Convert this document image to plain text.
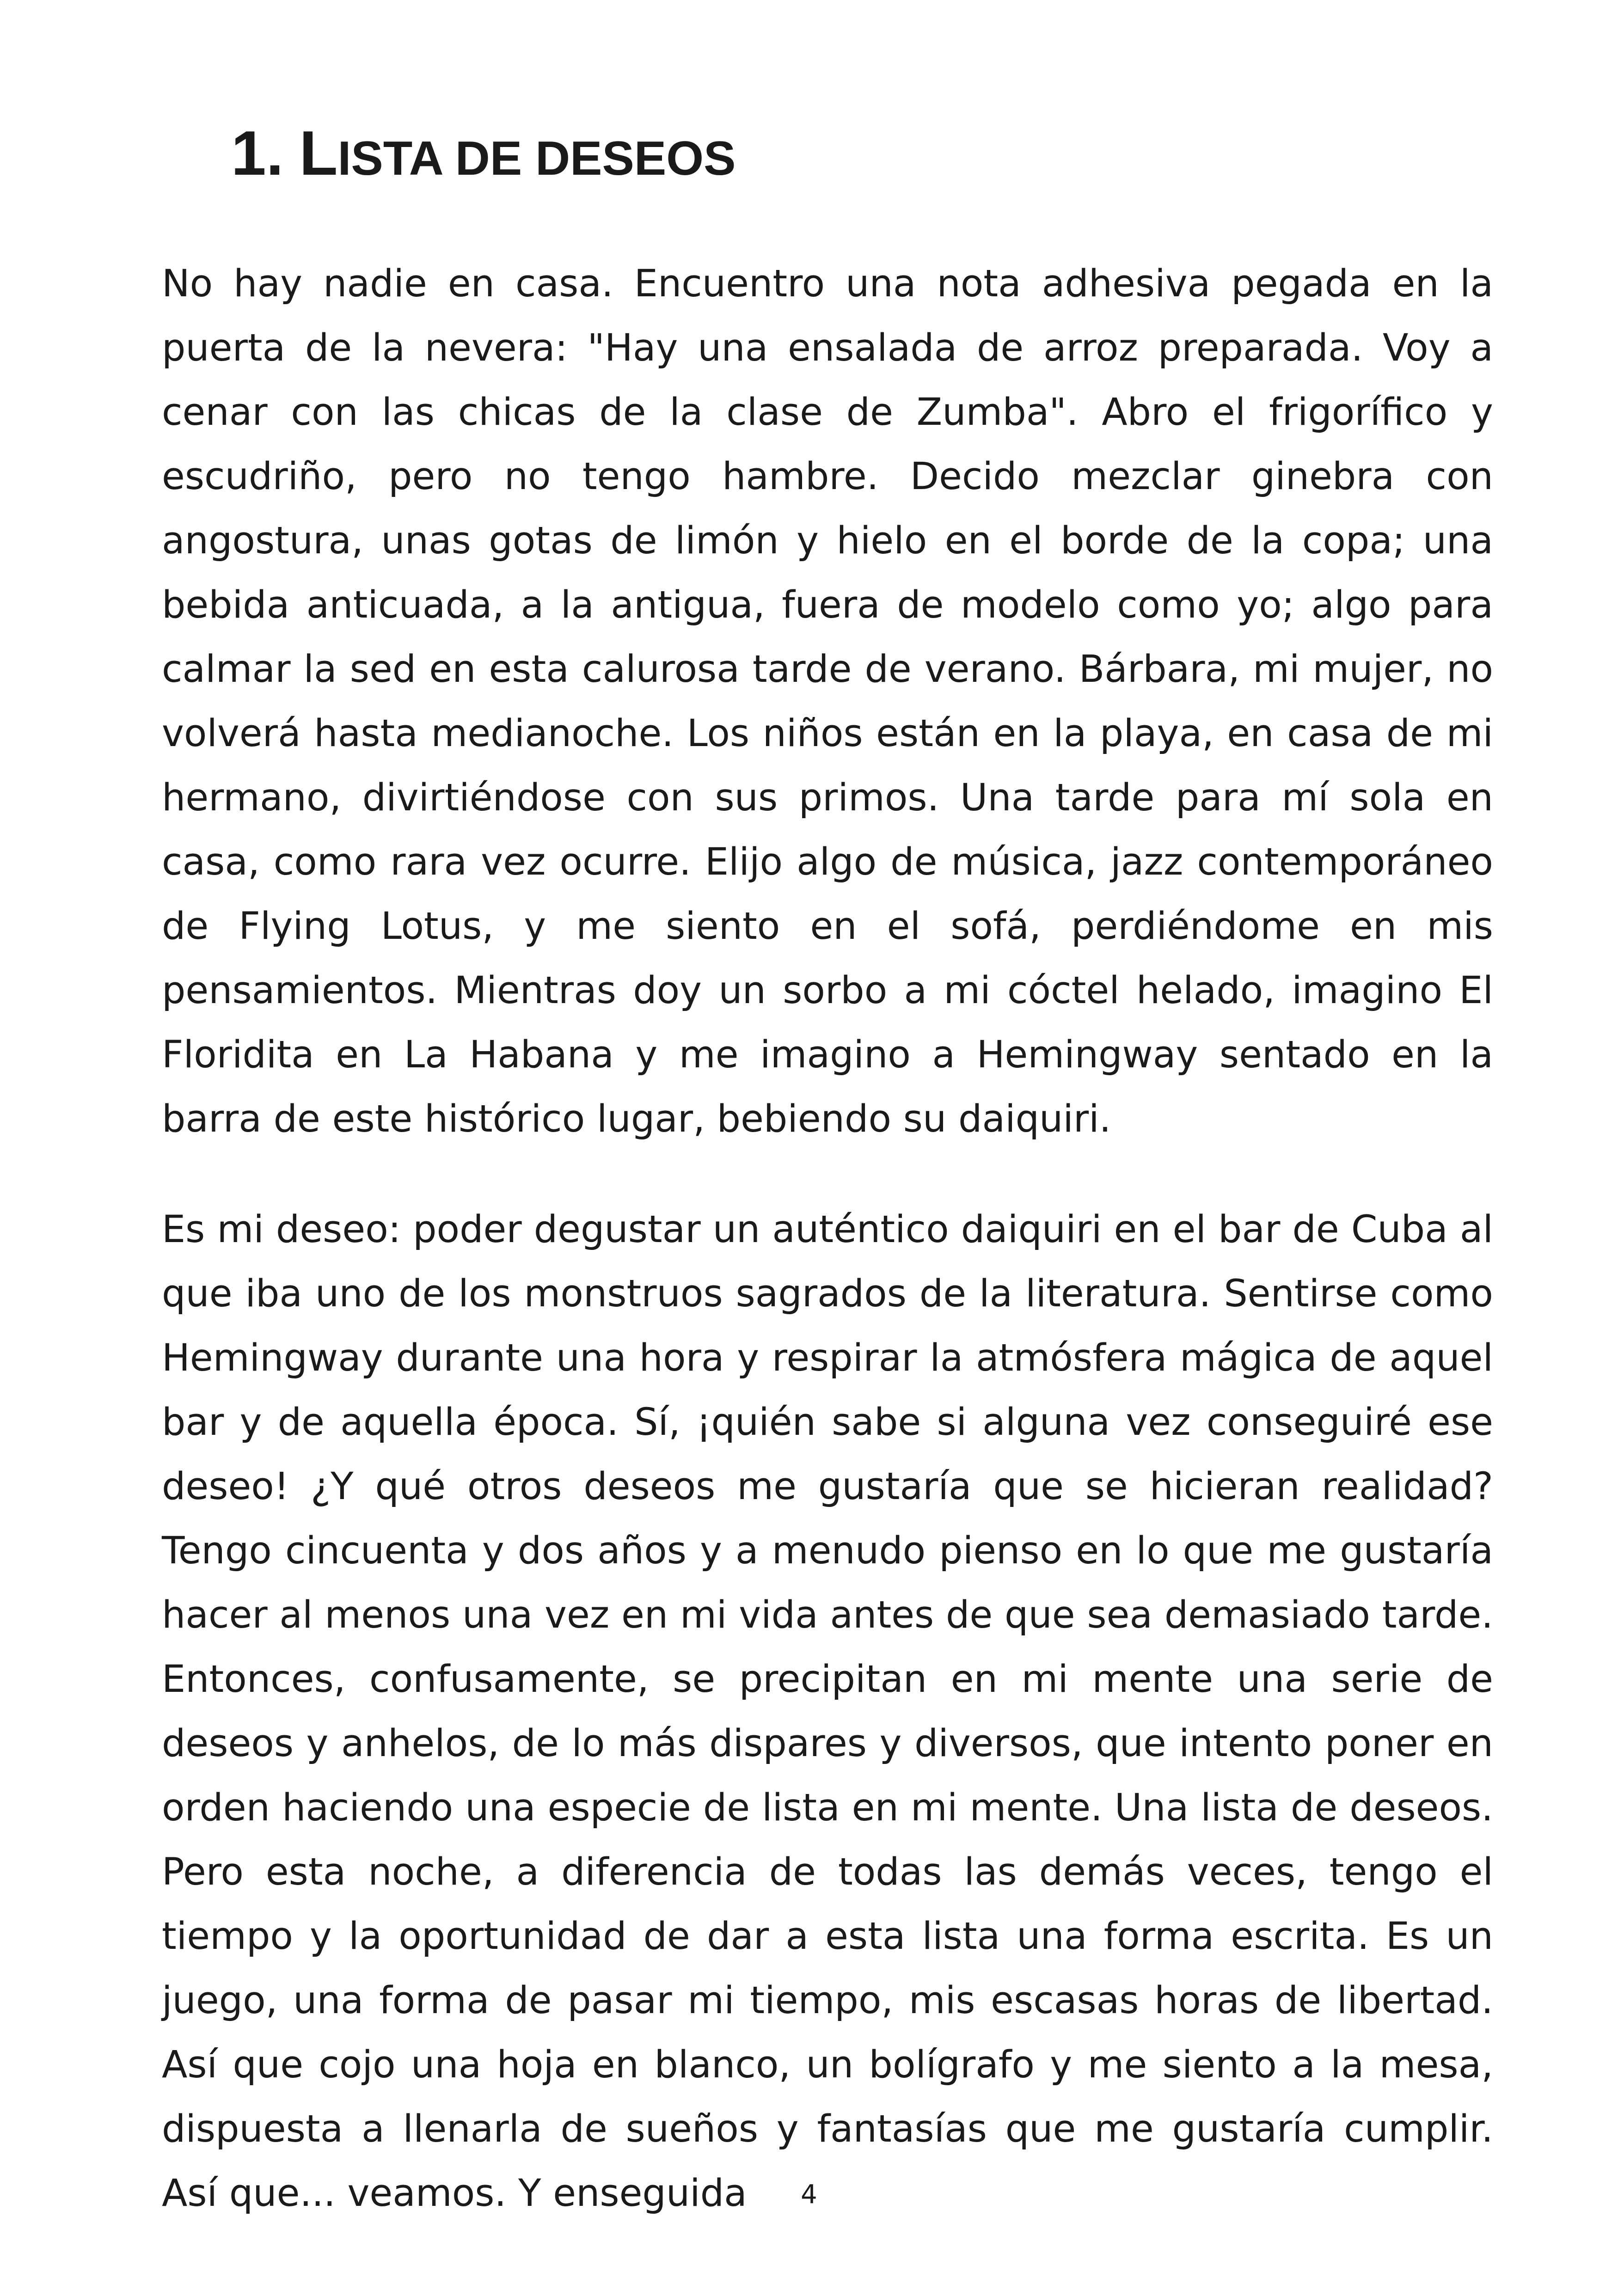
1. LISTA DE DESEOS

No hay nadie en casa. Encuentro una nota adhesiva pegada en la puerta de la nevera: "Hay una ensalada de arroz preparada. Voy a cenar con las chicas de la clase de Zumba". Abro el frigorífico y escudriño, pero no tengo hambre. Decido mezclar ginebra con angostura, unas gotas de limón y hielo en el borde de la copa; una bebida anticuada, a la antigua, fuera de modelo como yo; algo para calmar la sed en esta calurosa tarde de verano. Bárbara, mi mujer, no volverá hasta medianoche. Los niños están en la playa, en casa de mi hermano, divirtiéndose con sus primos. Una tarde para mí sola en casa, como rara vez ocurre. Elijo algo de música, jazz contemporáneo de Flying Lotus, y me siento en el sofá, perdiéndome en mis pensamientos. Mientras doy un sorbo a mi cóctel helado, imagino El Floridita en La Habana y me imagino a Hemingway sentado en la barra de este histórico lugar, bebiendo su daiquiri.

Es mi deseo: poder degustar un auténtico daiquiri en el bar de Cuba al que iba uno de los monstruos sagrados de la literatura. Sentirse como Hemingway durante una hora y respirar la atmósfera mágica de aquel bar y de aquella época. Sí, ¡quién sabe si alguna vez conseguiré ese deseo! ¿Y qué otros deseos me gustaría que se hicieran realidad? Tengo cincuenta y dos años y a menudo pienso en lo que me gustaría hacer al menos una vez en mi vida antes de que sea demasiado tarde. Entonces, confusamente, se precipitan en mi mente una serie de deseos y anhelos, de lo más dispares y diversos, que intento poner en orden haciendo una especie de lista en mi mente. Una lista de deseos. Pero esta noche, a diferencia de todas las demás veces, tengo el tiempo y la oportunidad de dar a esta lista una forma escrita. Es un juego, una forma de pasar mi tiempo, mis escasas horas de libertad. Así que cojo una hoja en blanco, un bolígrafo y me siento a la mesa, dispuesta a llenarla de sueños y fantasías que me gustaría cumplir. Así que... veamos. Y enseguida	4
